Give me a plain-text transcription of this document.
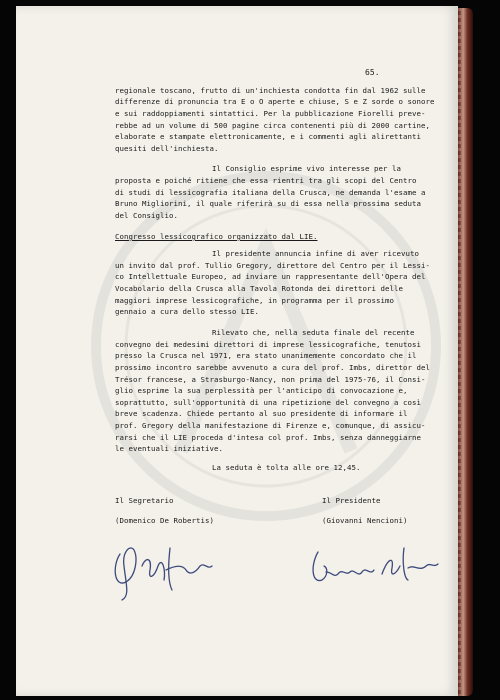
65.
regionale toscano, frutto di un'inchiesta condotta fin dal 1962 sulle
differenze di pronuncia tra E o O aperte e chiuse, S e Z sorde o sonore
e sui raddoppiamenti sintattici. Per la pubblicazione Fiorelli preve-
rebbe ad un volume di 500 pagine circa contenenti più di 2000 cartine,
elaborate e stampate elettronicamente, e i commenti agli alirettanti
quesiti dell'inchiesta.
Il Consiglio esprime vivo interesse per la
proposta e poiché ritiene che essa rientri tra gli scopi del Centro
di studi di lessicografia italiana della Crusca, ne demanda l'esame a
Bruno Migliorini, il quale riferirà su di essa nella prossima seduta
del Consiglio.
Congresso lessicografico organizzato dal LIE.
Il presidente annuncia infine di aver ricevuto
un invito dal prof. Tullio Gregory, direttore del Centro per il Lessi-
co Intellettuale Europeo, ad inviare un rappresentante dell'Opera del
Vocabolario della Crusca alla Tavola Rotonda dei direttori delle
maggiori imprese lessicografiche, in programma per il prossimo
gennaio a cura dello stesso LIE.
Rilevato che, nella seduta finale del recente
convegno dei medesimi direttori di imprese lessicografiche, tenutosi
presso la Crusca nel 1971, era stato unanimemente concordato che il
prossimo incontro sarebbe avvenuto a cura del prof. Imbs, direttor del
Trésor francese, a Strasburgo-Nancy, non prima del 1975-76, il Consi-
glio esprime la sua perplessità per l'anticipo di convocazione e,
soprattutto, sull'opportunità di una ripetizione del convegno a così
breve scadenza. Chiede pertanto al suo presidente di informare il
prof. Gregory della manifestazione di Firenze e, comunque, di assicu-
rarsi che il LIE proceda d'intesa col prof. Imbs, senza danneggiarne
le eventuali iniziative.
La seduta è tolta alle ore 12,45.
Il Segretario
(Domenico De Robertis)
Il Presidente
(Giovanni Nencioni)
